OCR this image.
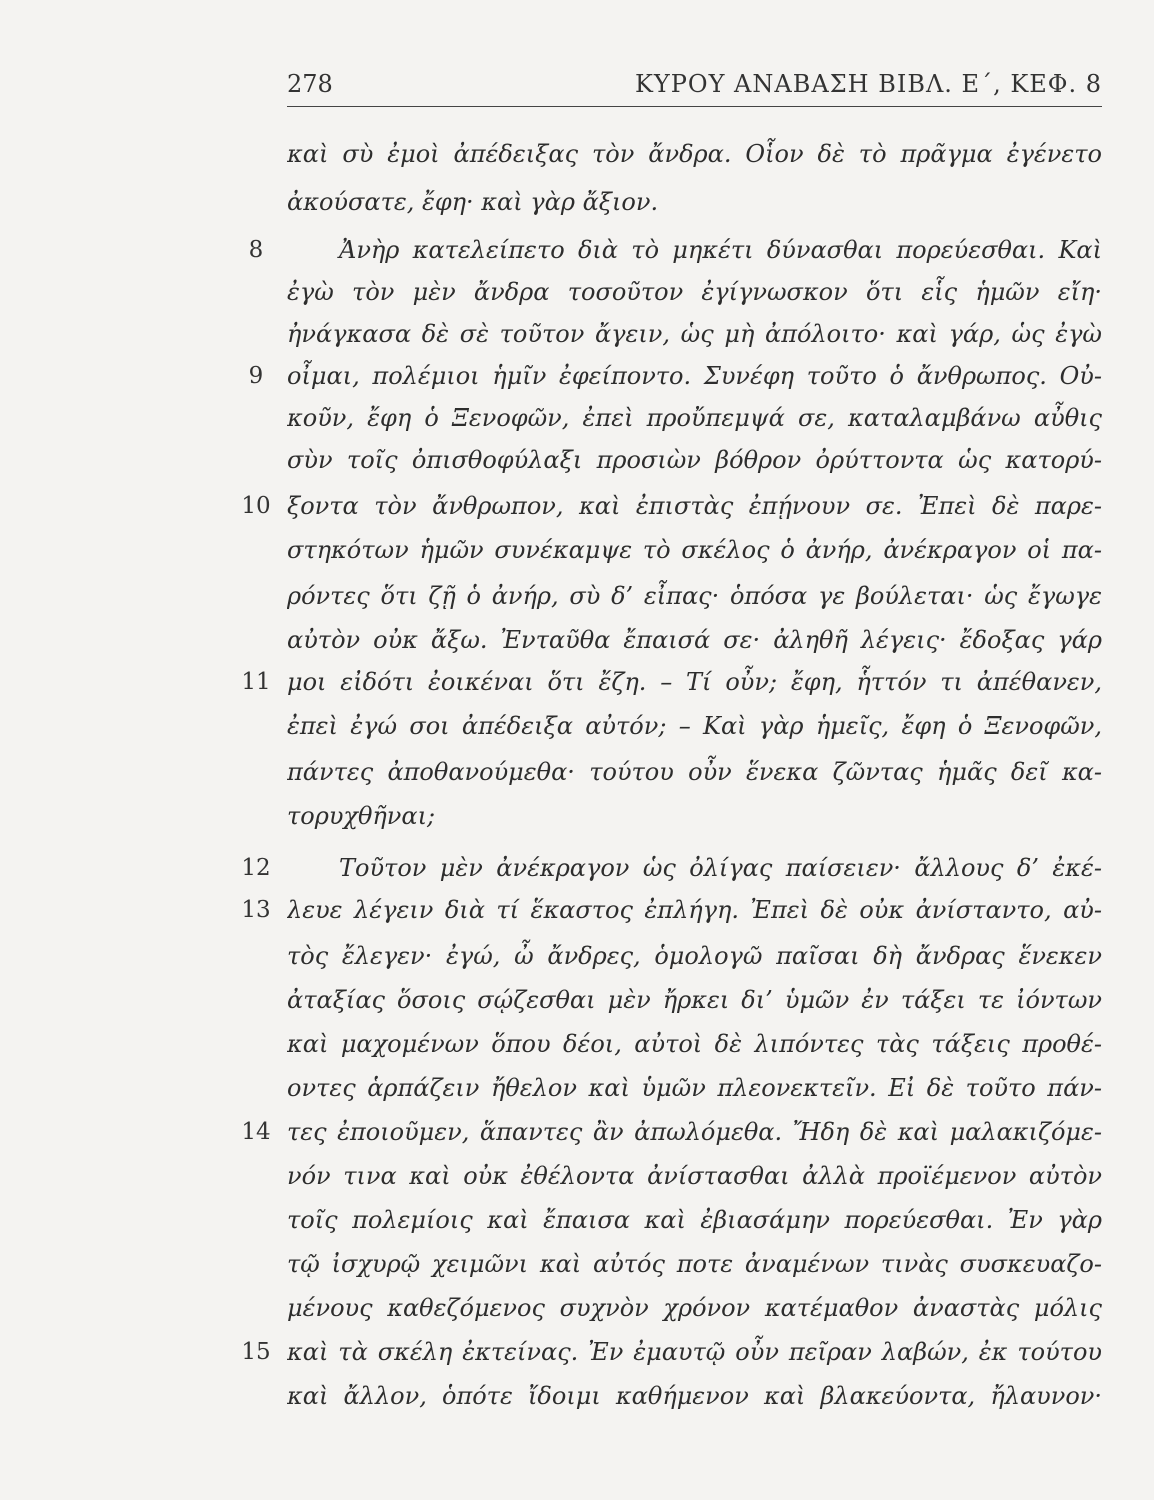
278	ΚΥΡΟΥ ΑΝΑΒΑΣΗ ΒΙΒΛ. Ε΄, ΚΕΦ. 8
καὶ σὺ ἐμοὶ ἀπέδειξας τὸν ἄνδρα. Οἷον δὲ τὸ πρᾶγμα ἐγένετο
ἀκούσατε, ἔφη· καὶ γὰρ ἄξιον.
8	Ἀνὴρ κατελείπετο διὰ τὸ μηκέτι δύνασθαι πορεύεσθαι. Καὶ
ἐγὼ τὸν μὲν ἄνδρα τοσοῦτον ἐγίγνωσκον ὅτι εἷς ἡμῶν εἴη·
ἠνάγκασα δὲ σὲ τοῦτον ἄγειν, ὡς μὴ ἀπόλοιτο· καὶ γάρ, ὡς ἐγὼ
9 οἶμαι, πολέμιοι ἡμῖν ἐφείποντο. Συνέφη τοῦτο ὁ ἄνθρωπος. Οὐ-
κοῦν, ἔφη ὁ Ξενοφῶν, ἐπεὶ προὔπεμψά σε, καταλαμβάνω αὖθις
σὺν τοῖς ὀπισθοφύλαξι προσιὼν βόθρον ὀρύττοντα ὡς κατορύ-
10 ξοντα τὸν ἄνθρωπον, καὶ ἐπιστὰς ἐπῄνουν σε. Ἐπεὶ δὲ παρε-
στηκότων ἡμῶν συνέκαμψε τὸ σκέλος ὁ ἀνήρ, ἀνέκραγον οἱ πα-
ρόντες ὅτι ζῇ ὁ ἀνήρ, σὺ δ’ εἶπας· ὁπόσα γε βούλεται· ὡς ἔγωγε
αὐτὸν οὐκ ἄξω. Ἐνταῦθα ἔπαισά σε· ἀληθῆ λέγεις· ἔδοξας γάρ
11 μοι εἰδότι ἐοικέναι ὅτι ἔζη. – Τί οὖν; ἔφη, ἧττόν τι ἀπέθανεν,
ἐπεὶ ἐγώ σοι ἀπέδειξα αὐτόν; – Καὶ γὰρ ἡμεῖς, ἔφη ὁ Ξενοφῶν,
πάντες ἀποθανούμεθα· τούτου οὖν ἕνεκα ζῶντας ἡμᾶς δεῖ κα-
τορυχθῆναι;
12	Τοῦτον μὲν ἀνέκραγον ὡς ὀλίγας παίσειεν· ἄλλους δ’ ἐκέ-
13 λευε λέγειν διὰ τί ἕκαστος ἐπλήγη. Ἐπεὶ δὲ οὐκ ἀνίσταντο, αὐ-
τὸς ἔλεγεν· ἐγώ, ὦ ἄνδρες, ὁμολογῶ παῖσαι δὴ ἄνδρας ἕνεκεν
ἀταξίας ὅσοις σῴζεσθαι μὲν ἤρκει δι’ ὑμῶν ἐν τάξει τε ἰόντων
καὶ μαχομένων ὅπου δέοι, αὐτοὶ δὲ λιπόντες τὰς τάξεις προθέ-
οντες ἁρπάζειν ἤθελον καὶ ὑμῶν πλεονεκτεῖν. Εἰ δὲ τοῦτο πάν-
14 τες ἐποιοῦμεν, ἅπαντες ἂν ἀπωλόμεθα. Ἤδη δὲ καὶ μαλακιζόμε-
νόν τινα καὶ οὐκ ἐθέλοντα ἀνίστασθαι ἀλλὰ προϊέμενον αὐτὸν
τοῖς πολεμίοις καὶ ἔπαισα καὶ ἐβιασάμην πορεύεσθαι. Ἐν γὰρ
τῷ ἰσχυρῷ χειμῶνι καὶ αὐτός ποτε ἀναμένων τινὰς συσκευαζο-
μένους καθεζόμενος συχνὸν χρόνον κατέμαθον ἀναστὰς μόλις
15 καὶ τὰ σκέλη ἐκτείνας. Ἐν ἐμαυτῷ οὖν πεῖραν λαβών, ἐκ τούτου
καὶ ἄλλον, ὁπότε ἴδοιμι καθήμενον καὶ βλακεύοντα, ἤλαυνον·
